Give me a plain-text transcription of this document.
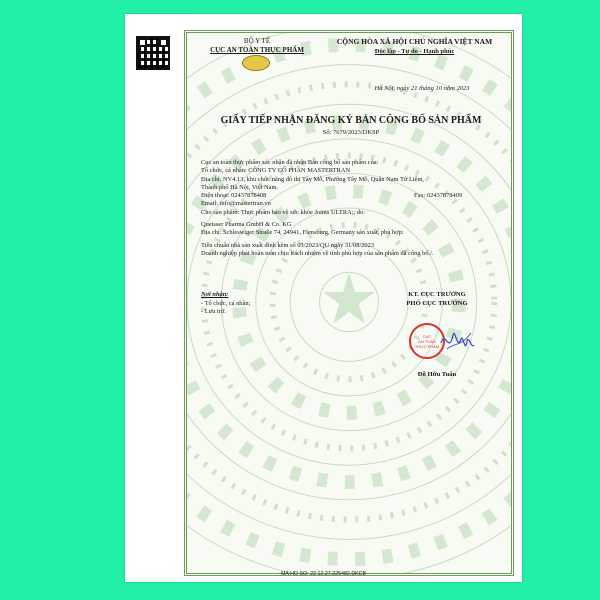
BỘ Y TẾ
CỤC AN TOÀN THỰC PHẨM
CỘNG HÒA XÃ HỘI CHỦ NGHĨA VIỆT NAM
Độc lập - Tự do - Hạnh phúc
Hà Nội, ngày 21 tháng 10 năm 2023
GIẤY TIẾP NHẬN ĐĂNG KÝ BẢN CÔNG BỐ SẢN PHẨM
Số: 7679/2023/DKSP
Cục an toàn thực phẩm xác nhận đã nhận Bản công bố sản phẩm của:
Tổ chức, cá nhân: CÔNG TY CỔ PHẦN MASTERTRAN
Địa chỉ: NV4.13, khu chức năng đô thị Tây Mỗ, Phường Tây Mỗ, Quận Nam Từ Liêm,
Thành phố Hà Nội, Việt Nam.
Điện thoại: 02437878408	Fax: 02437878409
Email: info@mastertran.vn
Cho sản phẩm: Thực phẩm bảo vệ sức khỏe Joints ULTRA;; do:
Queisser Pharma GmbH & Co. KG
Địa chỉ: Schleswiger Straße 74, 24941, Flensburg, Germany sản xuất, phù hợp:
Tiêu chuẩn nhà sản xuất đính kèm số 03/2023/QU ngày 31/08/2023
Doanh nghiệp phải hoàn toàn chịu trách nhiệm về tính phù hợp của sản phẩm đã công bố./.
Nơi nhận:
- Tổ chức, cá nhân;
- Lưu trữ.
KT. CỤC TRƯỞNG
PHÓ CỤC TRƯỞNG
CỤC
AN TOÀN
THỰC PHẨM
Đỗ Hữu Tuấn
MA HO SO: 22.12.27.225482.DKCB
